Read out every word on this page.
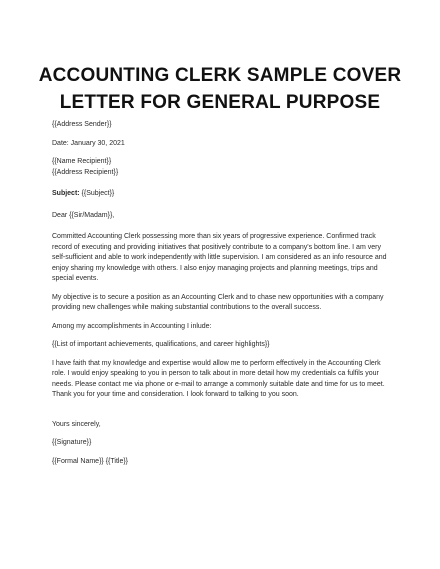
ACCOUNTING CLERK SAMPLE COVER
LETTER FOR GENERAL PURPOSE

{{Address Sender}}

Date: January 30, 2021

{{Name Recipient}}

{{Address Recipient}}

Subject: {{Subject}}

Dear {{Sir/Madam}},

Committed Accounting Clerk possessing more than six years of progressive experience. Confirmed track record of executing and providing initiatives that positively contribute to a company's bottom line. I am very self-sufficient and able to work independently with little supervision. I am considered as an info resource and enjoy sharing my knowledge with others. I also enjoy managing projects and planning meetings, trips and special events.

My objective is to secure a position as an Accounting Clerk and to chase new opportunities with a company providing new challenges while making substantial contributions to the overall success.

Among my accomplishments in Accounting I inlude:

{{List of important achievements, qualifications, and career highlights}}

I have faith that my knowledge and expertise would allow me to perform effectively in the Accounting Clerk role. I would enjoy speaking to you in person to talk about in more detail how my credentials ca fulfils your needs. Please contact me via phone or e-mail to arrange a commonly suitable date and time for us to meet. Thank you for your time and consideration. I look forward to talking to you soon.

Yours sincerely,

{{Signature}}

{{Formal Name}} {{Title}}
